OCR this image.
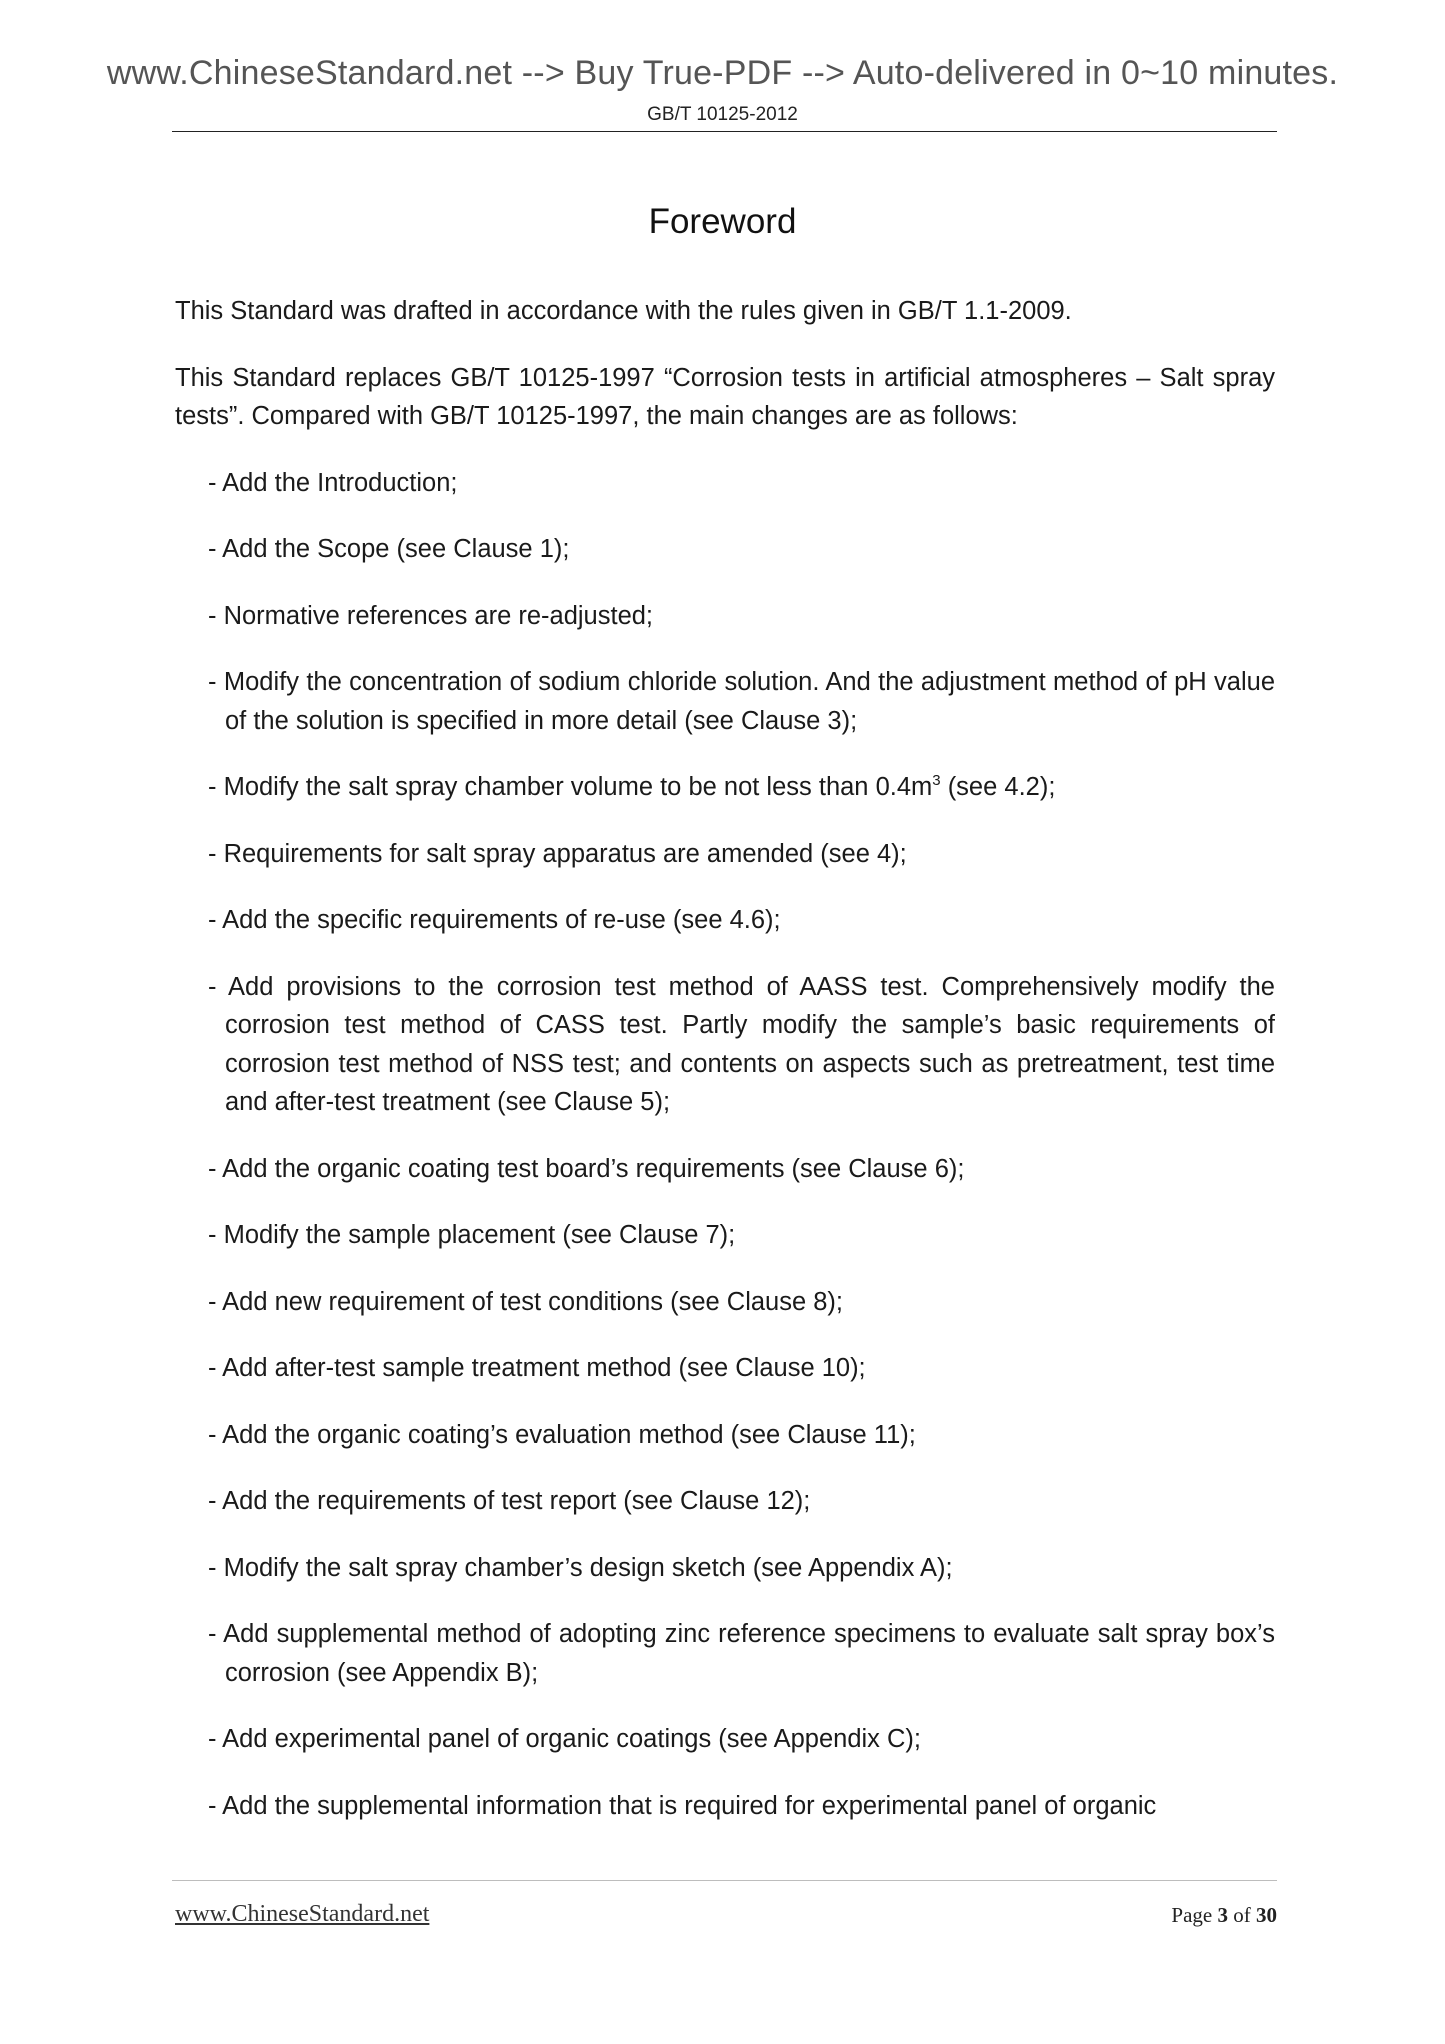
www.ChineseStandard.net --> Buy True-PDF --> Auto-delivered in 0~10 minutes.
GB/T 10125-2012
Foreword

This Standard was drafted in accordance with the rules given in GB/T 1.1-2009.

This Standard replaces GB/T 10125-1997 “Corrosion tests in artificial atmospheres – Salt spray tests”. Compared with GB/T 10125-1997, the main changes are as follows:

- Add the Introduction;
- Add the Scope (see Clause 1);
- Normative references are re-adjusted;
- Modify the concentration of sodium chloride solution. And the adjustment method of pH value of the solution is specified in more detail (see Clause 3);
- Modify the salt spray chamber volume to be not less than $0.4m^3$ (see 4.2);
- Requirements for salt spray apparatus are amended (see 4);
- Add the specific requirements of re-use (see 4.6);
- Add provisions to the corrosion test method of AASS test. Comprehensively modify the corrosion test method of CASS test. Partly modify the sample’s basic requirements of corrosion test method of NSS test; and contents on aspects such as pretreatment, test time and after-test treatment (see Clause 5);
- Add the organic coating test board’s requirements (see Clause 6);
- Modify the sample placement (see Clause 7);
- Add new requirement of test conditions (see Clause 8);
- Add after-test sample treatment method (see Clause 10);
- Add the organic coating’s evaluation method (see Clause 11);
- Add the requirements of test report (see Clause 12);
- Modify the salt spray chamber’s design sketch (see Appendix A);
- Add supplemental method of adopting zinc reference specimens to evaluate salt spray box’s corrosion (see Appendix B);
- Add experimental panel of organic coatings (see Appendix C);
- Add the supplemental information that is required for experimental panel of organic
www.ChineseStandard.net	Page 3 of 30
